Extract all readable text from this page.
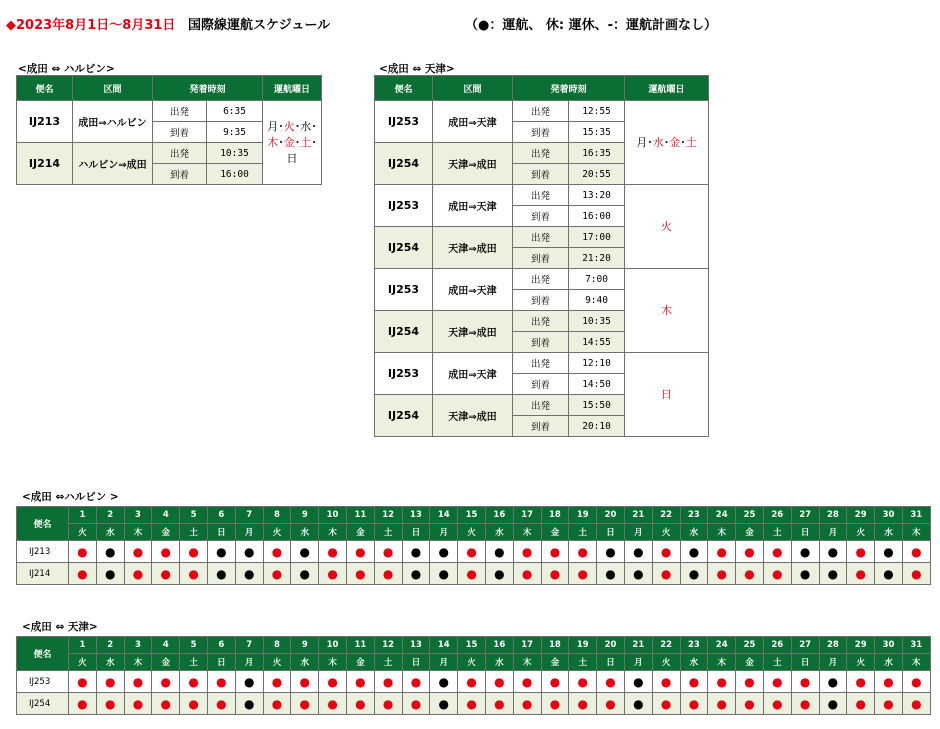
◆2023年8月1日～8月31日 国際線運航スケジュール	（●：運航、 休: 運休、-：運航計画なし）
<成田 ⇔ ハルビン>
便名	区間	発着時刻		運航曜日
IJ213	成田⇒ハルビン	出発	6:35	月･火･水･木･金･土･日
		到着	9:35	
IJ214	ハルビン⇒成田	出発	10:35	
		到着	16:00	
<成田 ⇔ 天津>
便名	区間	発着時刻		運航曜日
IJ253	成田⇒天津	出発	12:55	月･水･金･土
		到着	15:35	
IJ254	天津⇒成田	出発	16:35	
		到着	20:55	
IJ253	成田⇒天津	出発	13:20	火
		到着	16:00	
IJ254	天津⇒成田	出発	17:00	
		到着	21:20	
IJ253	成田⇒天津	出発	7:00	木
		到着	9:40	
IJ254	天津⇒成田	出発	10:35	
		到着	14:55	
IJ253	成田⇒天津	出発	12:10	日
		到着	14:50	
IJ254	天津⇒成田	出発	15:50	
		到着	20:10	
<成田 ⇔ハルビン >
便名	1	2	3	4	5	6	7	8	9	10	11	12	13	14	15	16	17	18	19	20	21	22	23	24	25	26	27	28	29	30	31
	火	水	木	金	土	日	月	火	水	木	金	土	日	月	火	水	木	金	土	日	月	火	水	木	金	土	日	月	火	水	木
IJ213	●	●	●	●	●	●	●	●	●	●	●	●	●	●	●	●	●	●	●	●	●	●	●	●	●	●	●	●	●	●	●
IJ214	●	●	●	●	●	●	●	●	●	●	●	●	●	●	●	●	●	●	●	●	●	●	●	●	●	●	●	●	●	●	●
<成田 ⇔ 天津>
便名	1	2	3	4	5	6	7	8	9	10	11	12	13	14	15	16	17	18	19	20	21	22	23	24	25	26	27	28	29	30	31
	火	水	木	金	土	日	月	火	水	木	金	土	日	月	火	水	木	金	土	日	月	火	水	木	金	土	日	月	火	水	木
IJ253	●	●	●	●	●	●	●	●	●	●	●	●	●	●	●	●	●	●	●	●	●	●	●	●	●	●	●	●	●	●	●
IJ254	●	●	●	●	●	●	●	●	●	●	●	●	●	●	●	●	●	●	●	●	●	●	●	●	●	●	●	●	●	●	●
